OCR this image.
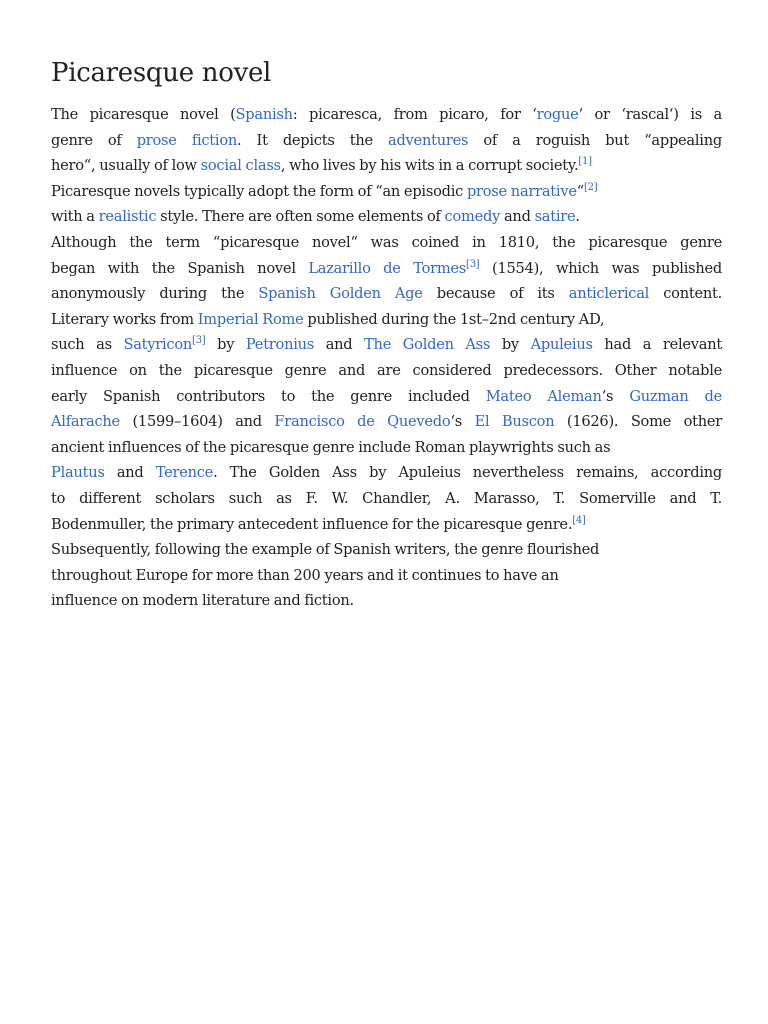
Picaresque novel
The picaresque novel (Spanish: picaresca, from picaro, for ‘rogue‘ or ‘rascal‘) is a
genre of prose fiction. It depicts the adventures of a roguish but “appealing
hero“, usually of low social class, who lives by his wits in a corrupt society.[1]
Picaresque novels typically adopt the form of “an episodic prose narrative“[2]
with a realistic style. There are often some elements of comedy and satire.
Although the term “picaresque novel“ was coined in 1810, the picaresque genre
began with the Spanish novel Lazarillo de Tormes[3] (1554), which was published
anonymously during the Spanish Golden Age because of its anticlerical content.
Literary works from Imperial Rome published during the 1st–2nd century AD,
such as Satyricon[3] by Petronius and The Golden Ass by Apuleius had a relevant
influence on the picaresque genre and are considered predecessors. Other notable
early Spanish contributors to the genre included Mateo Aleman‘s Guzman de
Alfarache (1599–1604) and Francisco de Quevedo‘s El Buscon (1626). Some other
ancient influences of the picaresque genre include Roman playwrights such as
Plautus and Terence. The Golden Ass by Apuleius nevertheless remains, according
to different scholars such as F. W. Chandler, A. Marasso, T. Somerville and T.
Bodenmuller, the primary antecedent influence for the picaresque genre.[4]
Subsequently, following the example of Spanish writers, the genre flourished
throughout Europe for more than 200 years and it continues to have an
influence on modern literature and fiction.
